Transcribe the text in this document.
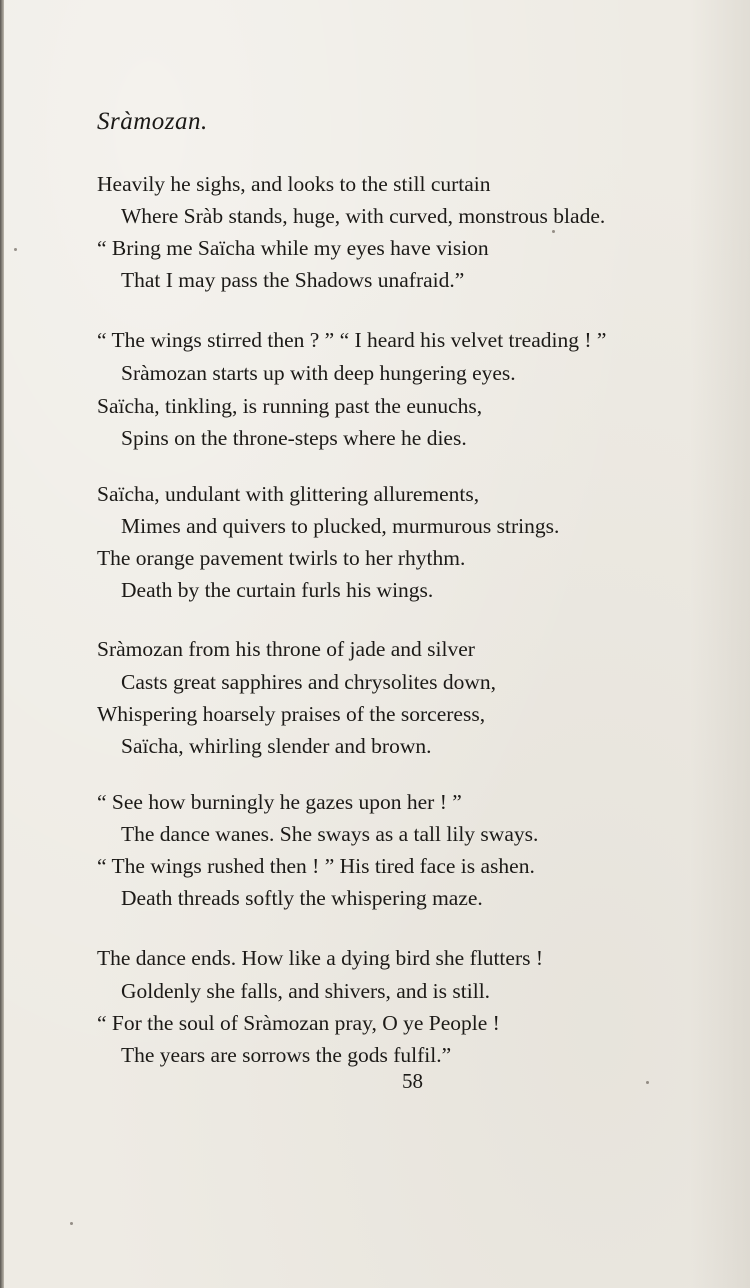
Sràmozan.
Heavily he sighs, and looks to the still curtain
Where Sràb stands, huge, with curved, monstrous blade.
“ Bring me Saïcha while my eyes have vision
That I may pass the Shadows unafraid.”
“ The wings stirred then ? ” “ I heard his velvet treading ! ”
Sràmozan starts up with deep hungering eyes.
Saïcha, tinkling, is running past the eunuchs,
Spins on the throne-steps where he dies.
Saïcha, undulant with glittering allurements,
Mimes and quivers to plucked, murmurous strings.
The orange pavement twirls to her rhythm.
Death by the curtain furls his wings.
Sràmozan from his throne of jade and silver
Casts great sapphires and chrysolites down,
Whispering hoarsely praises of the sorceress,
Saïcha, whirling slender and brown.
“ See how burningly he gazes upon her ! ”
The dance wanes. She sways as a tall lily sways.
“ The wings rushed then ! ” His tired face is ashen.
Death threads softly the whispering maze.
The dance ends. How like a dying bird she flutters !
Goldenly she falls, and shivers, and is still.
“ For the soul of Sràmozan pray, O ye People !
The years are sorrows the gods fulfil.”
58
